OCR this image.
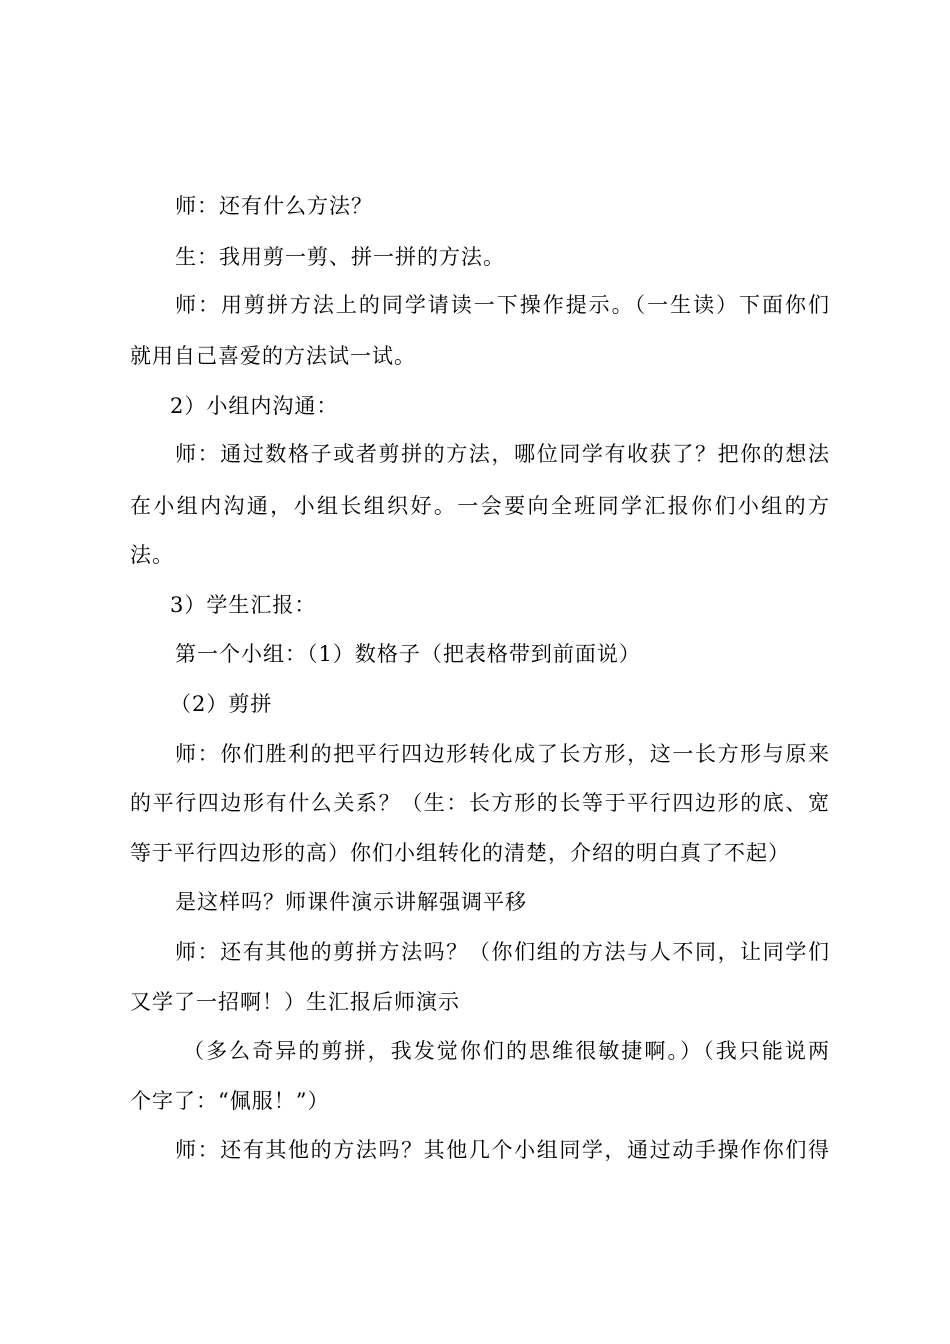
师：还有什么方法？
生：我用剪一剪、拼一拼的方法。
师：用剪拼方法上的同学请读一下操作提示。（一生读）下面你们
就用自己喜爱的方法试一试。
2）小组内沟通：
师：通过数格子或者剪拼的方法，哪位同学有收获了？把你的想法
在小组内沟通，小组长组织好。一会要向全班同学汇报你们小组的方
法。
3）学生汇报：
第一个小组：（1）数格子（把表格带到前面说）
（2）剪拼
师：你们胜利的把平行四边形转化成了长方形，这一长方形与原来
的平行四边形有什么关系？（生：长方形的长等于平行四边形的底、宽
等于平行四边形的高）你们小组转化的清楚，介绍的明白真了不起）
是这样吗？师课件演示讲解强调平移
师：还有其他的剪拼方法吗？（你们组的方法与人不同，让同学们
又学了一招啊！）生汇报后师演示
（多么奇异的剪拼，我发觉你们的思维很敏捷啊。）（我只能说两
个字了：“佩服！”）
师：还有其他的方法吗？其他几个小组同学，通过动手操作你们得
